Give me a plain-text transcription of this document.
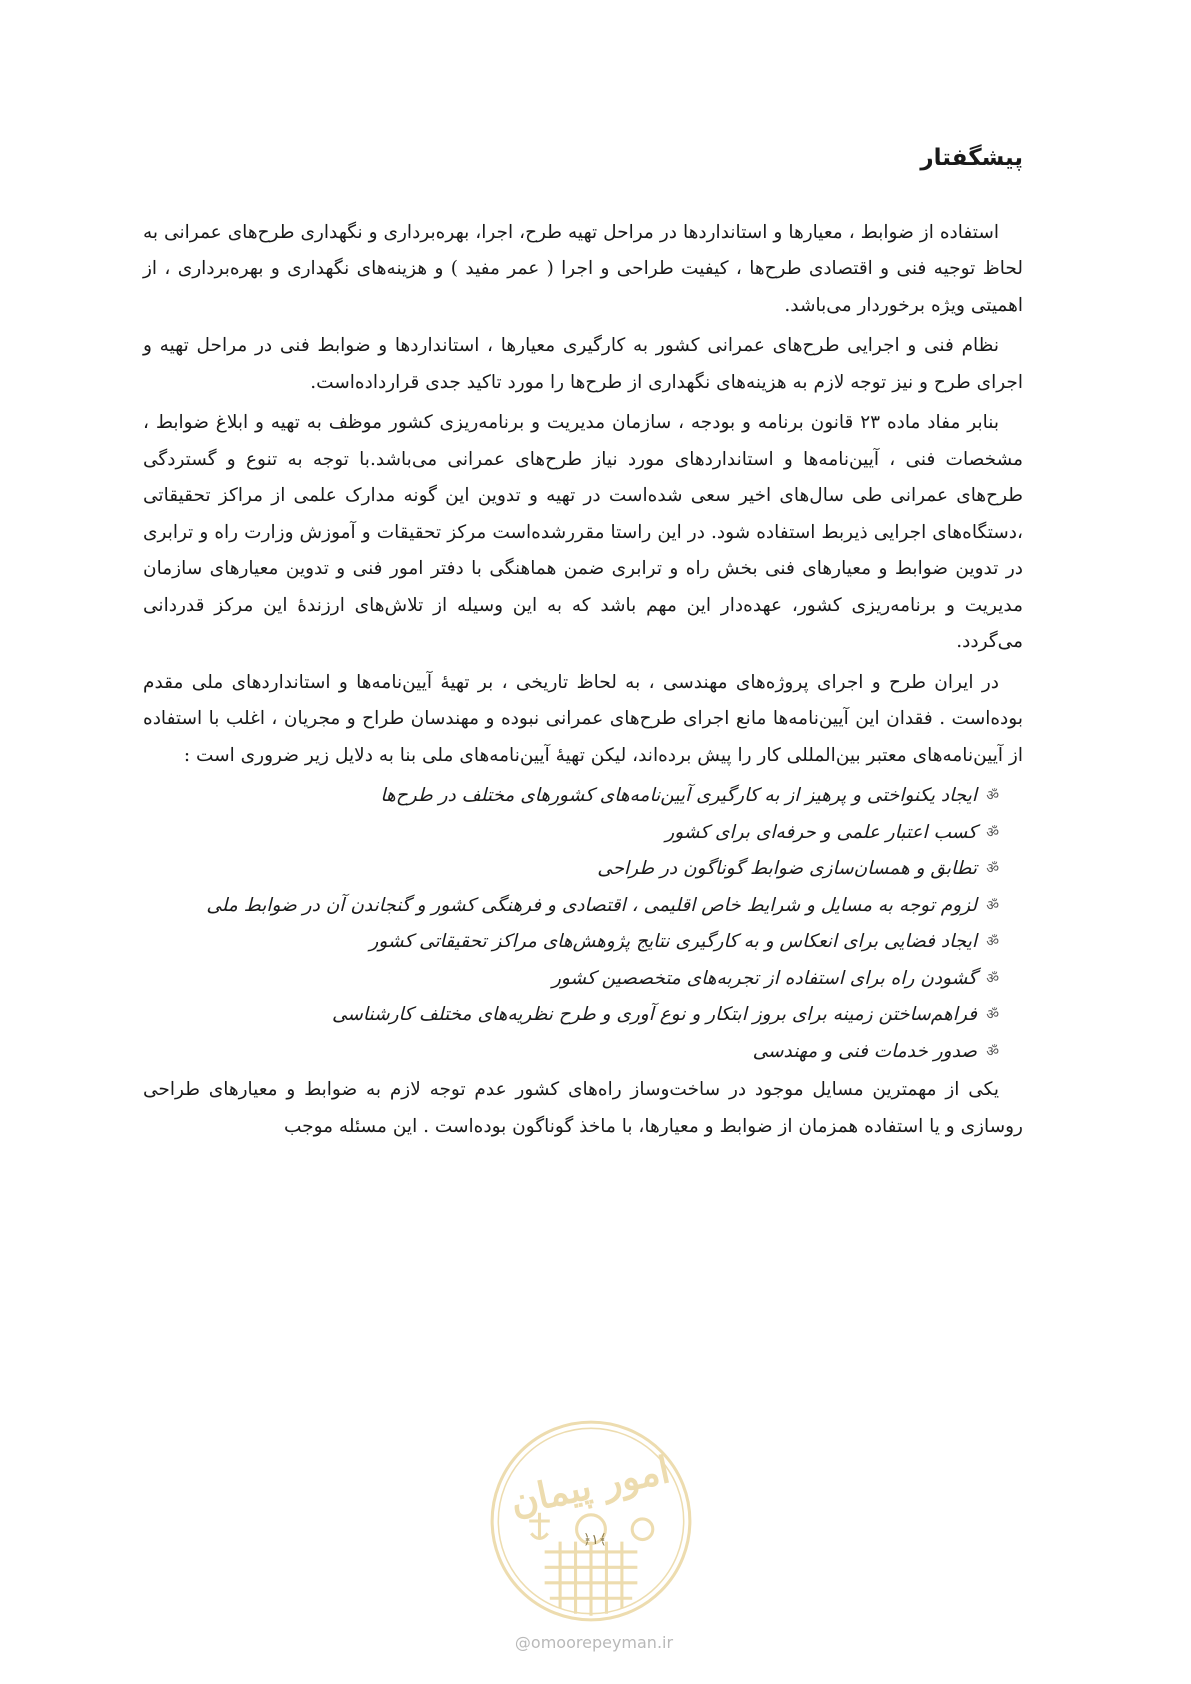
پیشگفتار

استفاده از ضوابط ، معیارها و استانداردها در مراحل تهیه طرح، اجرا، بهره‌برداری و نگهداری طرح‌های عمرانی به لحاظ توجیه فنی و اقتصادی طرح‌ها ، کیفیت طراحی و اجرا ( عمر مفید ) و هزینه‌های نگهداری و بهره‌برداری ، از اهمیتی ویژه برخوردار می‌باشد.

نظام فنی و اجرایی طرح‌های عمرانی کشور به کارگیری معیارها ، استانداردها و ضوابط فنی در مراحل تهیه و اجرای طرح و نیز توجه لازم به هزینه‌های نگهداری از طرح‌ها را مورد تاکید جدی قرارداده‌است.

بنابر مفاد ماده ۲۳ قانون برنامه و بودجه ، سازمان مدیریت و برنامه‌ریزی کشور موظف به تهیه و ابلاغ ضوابط ، مشخصات فنی ، آیین‌نامه‌ها و استانداردهای مورد نیاز طرح‌های عمرانی می‌باشد.با توجه به تنوع و گستردگی طرح‌های عمرانی طی سال‌های اخیر سعی شده‌است در تهیه و تدوین این گونه مدارک علمی از مراکز تحقیقاتی ،دستگاه‌های اجرایی ذیربط استفاده شود. در این راستا مقررشده‌است مرکز تحقیقات و آموزش وزارت راه و ترابری در تدوین ضوابط و معیارهای فنی بخش راه و ترابری ضمن هماهنگی با دفتر امور فنی و تدوین معیارهای سازمان مدیریت و برنامه‌ریزی کشور، عهده‌دار این مهم باشد که به این وسیله از تلاش‌های ارزندهٔ این مرکز قدردانی می‌گردد.

در ایران طرح و اجرای پروژه‌های مهندسی ، به لحاظ تاریخی ، بر تهیهٔ آیین‌نامه‌ها و استانداردهای ملی مقدم بوده‌است . فقدان این آیین‌نامه‌ها مانع اجرای طرح‌های عمرانی نبوده و مهندسان طراح و مجریان ، اغلب با استفاده از آیین‌نامه‌های معتبر بین‌المللی کار را پیش برده‌اند، لیکن تهیهٔ آیین‌نامه‌های ملی بنا به دلایل زیر ضروری است :

ॐ
ایجاد یکنواختی و پرهیز از به کارگیری آیین‌نامه‌های کشورهای مختلف در طرح‌ها
ॐ
کسب اعتبار علمی و حرفه‌ای برای کشور
ॐ
تطابق و همسان‌سازی ضوابط گوناگون در طراحی
ॐ
لزوم توجه به مسایل و شرایط خاص اقلیمی ، اقتصادی و فرهنگی کشور و گنجاندن آن در ضوابط ملی
ॐ
ایجاد فضایی برای انعکاس و به کارگیری نتایج پژوهش‌های مراکز تحقیقاتی کشور
ॐ
گشودن راه برای استفاده از تجربه‌های متخصصین کشور
ॐ
فراهم‌ساختن زمینه برای بروز ابتکار و نوع آوری و طرح نظریه‌های مختلف کارشناسی
ॐ
صدور خدمات فنی و مهندسی

یکی از مهمترین مسایل موجود در ساخت‌وساز راه‌های کشور عدم توجه لازم به ضوابط و معیارهای طراحی روسازی و یا استفاده همزمان از ضوابط و معیارها، با ماخذ گوناگون بوده‌است . این مسئله موجب

امور پیمان
﴿۱﴾
@omoorepeyman.ir
